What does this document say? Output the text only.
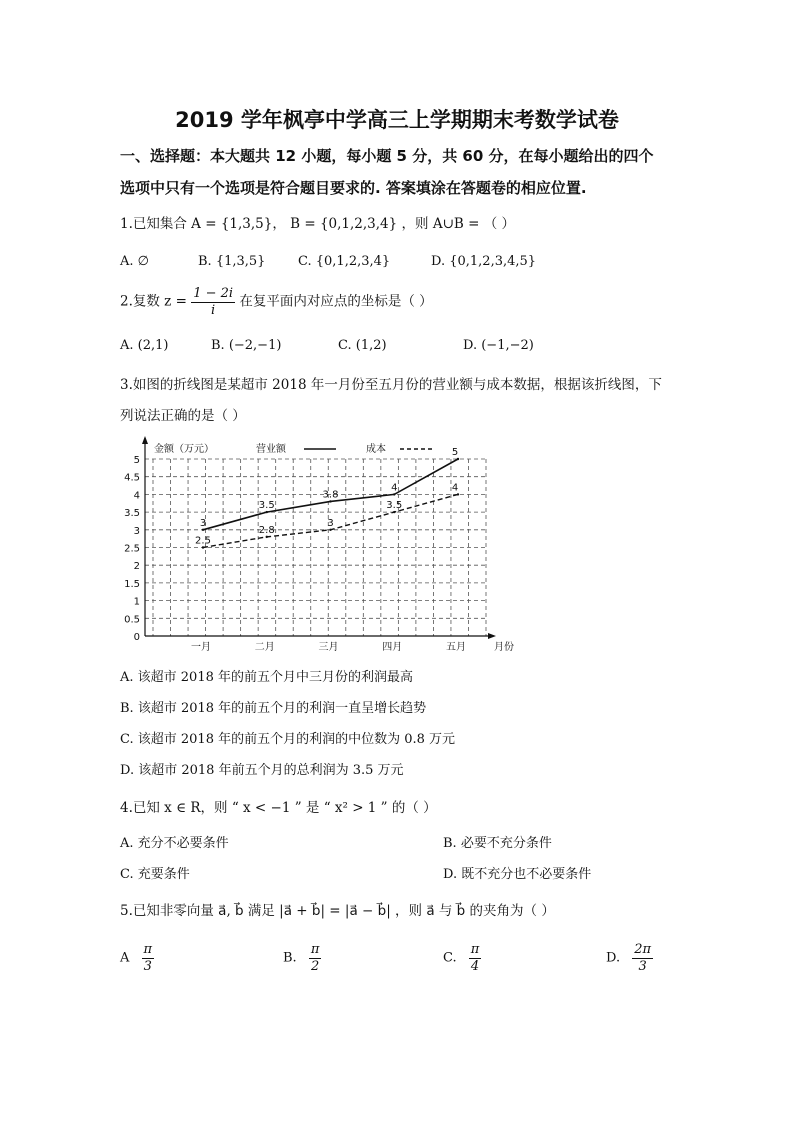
2019 学年枫亭中学高三上学期期末考数学试卷
一、选择题：本大题共 12 小题，每小题 5 分，共 60 分，在每小题给出的四个
选项中只有一个选项是符合题目要求的. 答案填涂在答题卷的相应位置.
1.已知集合 A = {1,3,5}， B = {0,1,2,3,4} ，则 A∪B = （ ）
A. ∅	B. {1,3,5}	C. {0,1,2,3,4}	D. {0,1,2,3,4,5}
2.复数 $z = \frac{1 - 2i}{i}$ 在复平面内对应点的坐标是（ ）
A. (2,1)	B. (−2,−1)	C. (1,2)	D. (−1,−2)
3.如图的折线图是某超市 2018 年一月份至五月份的营业额与成本数据，根据该折线图，下
列说法正确的是（ ）
0
0.5
1
1.5
2
2.5
3
3.5
4
4.5
5
金额（万元）
月份
一月	二月	三月	四月	五月
营业额	成本
3
3.5
3.8
4
5
2.5
2.8
3
3.5
4
A. 该超市 2018 年的前五个月中三月份的利润最高
B. 该超市 2018 年的前五个月的利润一直呈增长趋势
C. 该超市 2018 年的前五个月的利润的中位数为 0.8 万元
D. 该超市 2018 年前五个月的总利润为 3.5 万元
4.已知 x ∈ R，则 “ x < −1 ” 是 “ x² > 1 ” 的（ ）
A. 充分不必要条件	B. 必要不充分条件
C. 充要条件	D. 既不充分也不必要条件
5.已知非零向量 a⃗, b⃗ 满足 |a⃗ + b⃗| = |a⃗ − b⃗| ，则 a⃗ 与 b⃗ 的夹角为（ ）
A $\frac{\pi}{3}$	B. $\frac{\pi}{2}$	C. $\frac{\pi}{4}$	D. $\frac{2\pi}{3}$
